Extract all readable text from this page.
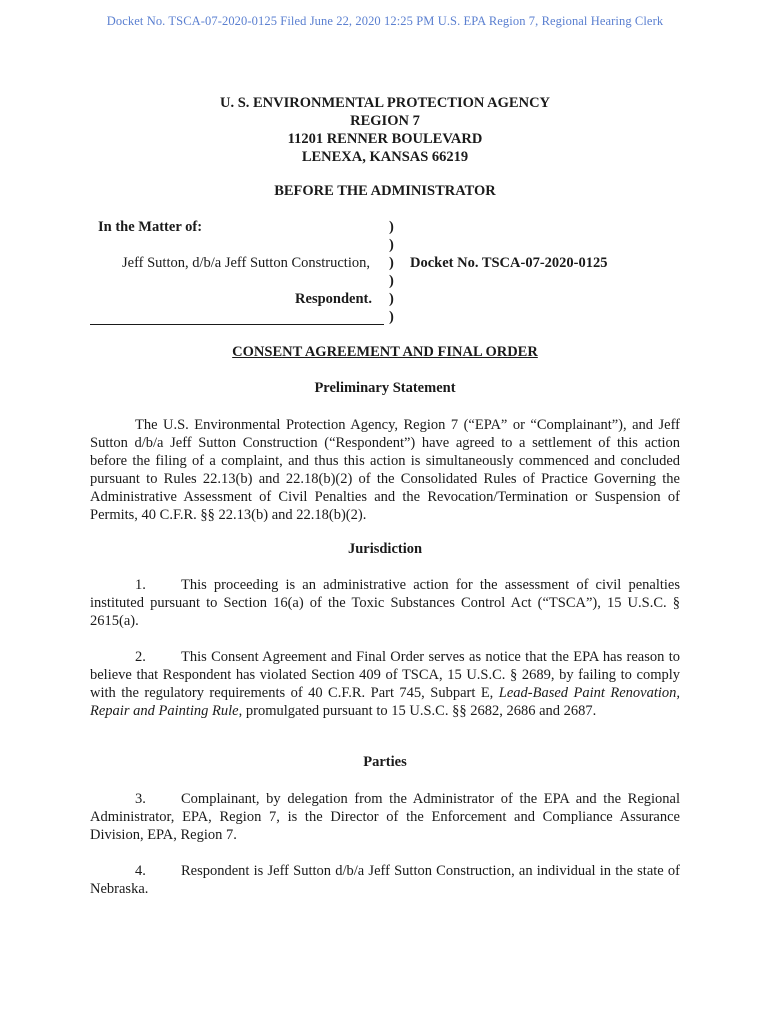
Docket No. TSCA-07-2020-0125 Filed June 22, 2020 12:25 PM U.S. EPA Region 7, Regional Hearing Clerk
U. S. ENVIRONMENTAL PROTECTION AGENCY
REGION 7
11201 RENNER BOULEVARD
LENEXA, KANSAS 66219
BEFORE THE ADMINISTRATOR
In the Matter of:
Jeff Sutton, d/b/a Jeff Sutton Construction,
Respondent.
)
)
)
)
)
)
Docket No. TSCA-07-2020-0125
CONSENT AGREEMENT AND FINAL ORDER
Preliminary Statement
The U.S. Environmental Protection Agency, Region 7 (“EPA” or “Complainant”), and Jeff Sutton d/b/a Jeff Sutton Construction (“Respondent”) have agreed to a settlement of this action before the filing of a complaint, and thus this action is simultaneously commenced and concluded pursuant to Rules 22.13(b) and 22.18(b)(2) of the Consolidated Rules of Practice Governing the Administrative Assessment of Civil Penalties and the Revocation/Termination or Suspension of Permits, 40 C.F.R. §§ 22.13(b) and 22.18(b)(2).
Jurisdiction
1. This proceeding is an administrative action for the assessment of civil penalties instituted pursuant to Section 16(a) of the Toxic Substances Control Act (“TSCA”), 15 U.S.C. § 2615(a).
2. This Consent Agreement and Final Order serves as notice that the EPA has reason to believe that Respondent has violated Section 409 of TSCA, 15 U.S.C. § 2689, by failing to comply with the regulatory requirements of 40 C.F.R. Part 745, Subpart E, Lead-Based Paint Renovation, Repair and Painting Rule, promulgated pursuant to 15 U.S.C. §§ 2682, 2686 and 2687.
Parties
3. Complainant, by delegation from the Administrator of the EPA and the Regional Administrator, EPA, Region 7, is the Director of the Enforcement and Compliance Assurance Division, EPA, Region 7.
4. Respondent is Jeff Sutton d/b/a Jeff Sutton Construction, an individual in the state of Nebraska.
